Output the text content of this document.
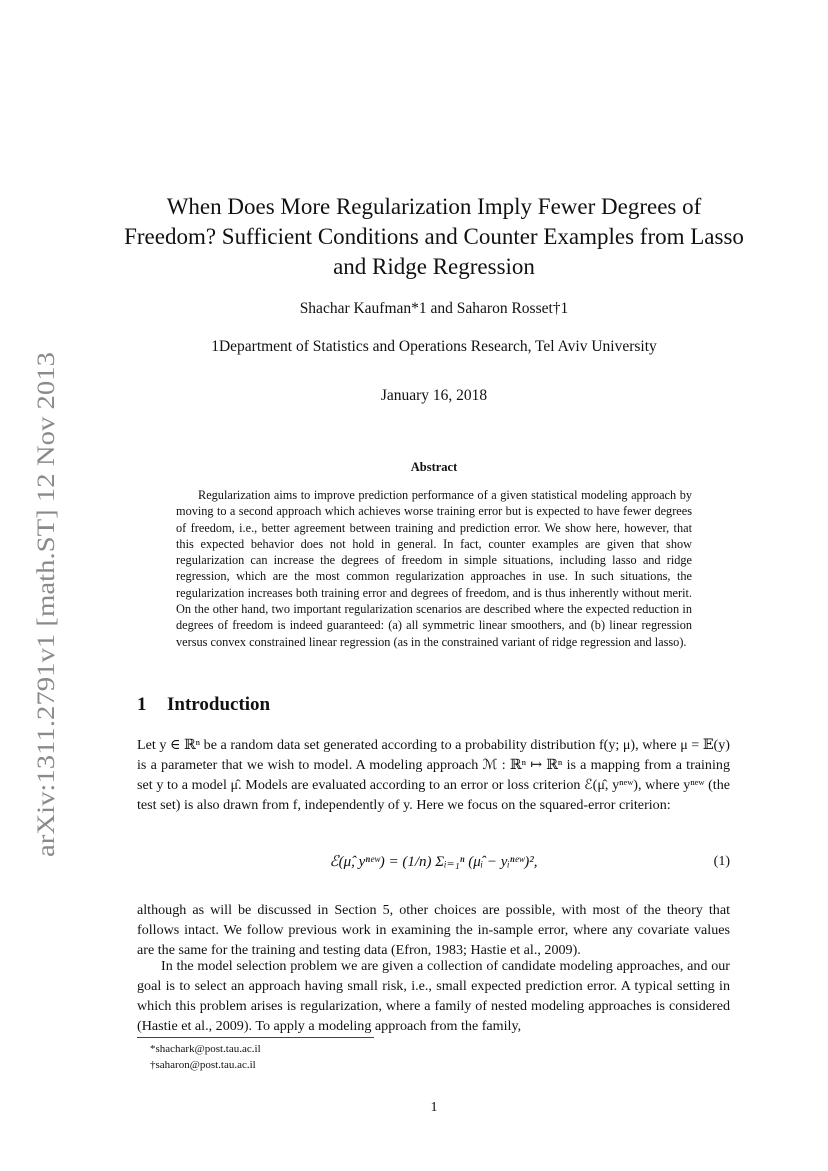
arXiv:1311.2791v1 [math.ST] 12 Nov 2013
When Does More Regularization Imply Fewer Degrees of Freedom? Sufficient Conditions and Counter Examples from Lasso and Ridge Regression
Shachar Kaufman*1 and Saharon Rosset†1
1Department of Statistics and Operations Research, Tel Aviv University
January 16, 2018
Abstract

Regularization aims to improve prediction performance of a given statistical modeling approach by moving to a second approach which achieves worse training error but is expected to have fewer degrees of freedom, i.e., better agreement between training and prediction error. We show here, however, that this expected behavior does not hold in general. In fact, counter examples are given that show regularization can increase the degrees of freedom in simple situations, including lasso and ridge regression, which are the most common regularization approaches in use. In such situations, the regularization increases both training error and degrees of freedom, and is thus inherently without merit. On the other hand, two important regularization scenarios are described where the expected reduction in degrees of freedom is indeed guaranteed: (a) all symmetric linear smoothers, and (b) linear regression versus convex constrained linear regression (as in the constrained variant of ridge regression and lasso).

1 Introduction

Let y ∈ ℝⁿ be a random data set generated according to a probability distribution f(y; μ), where μ = 𝔼(y) is a parameter that we wish to model. A modeling approach ℳ : ℝⁿ ↦ ℝⁿ is a mapping from a training set y to a model μ̂. Models are evaluated according to an error or loss criterion ℰ(μ̂, yⁿᵉʷ), where yⁿᵉʷ (the test set) is also drawn from f, independently of y. Here we focus on the squared-error criterion:

ℰ(μ̂, yⁿᵉʷ) = (1/n) Σᵢ₌₁ⁿ (μ̂ᵢ − yᵢⁿᵉʷ)²,	(1)

although as will be discussed in Section 5, other choices are possible, with most of the theory that follows intact. We follow previous work in examining the in-sample error, where any covariate values are the same for the training and testing data (Efron, 1983; Hastie et al., 2009).

In the model selection problem we are given a collection of candidate modeling approaches, and our goal is to select an approach having small risk, i.e., small expected prediction error. A typical setting in which this problem arises is regularization, where a family of nested modeling approaches is considered (Hastie et al., 2009). To apply a modeling approach from the family,

*shachark@post.tau.ac.il
†saharon@post.tau.ac.il
1
